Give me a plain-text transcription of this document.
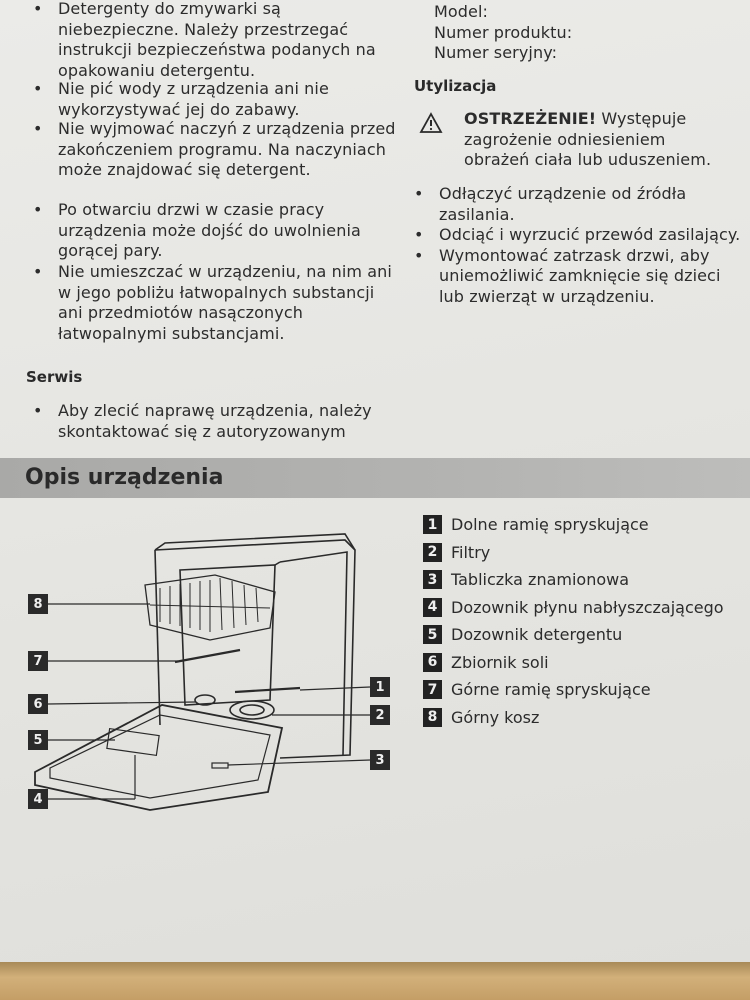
• Detergenty do zmywarki są niebezpieczne. Należy przestrzegać instrukcji bezpieczeństwa podanych na opakowaniu detergentu.
• Nie pić wody z urządzenia ani nie wykorzystywać jej do zabawy.
• Nie wyjmować naczyń z urządzenia przed zakończeniem programu. Na naczyniach może znajdować się detergent.
• Po otwarciu drzwi w czasie pracy urządzenia może dojść do uwolnienia gorącej pary.
• Nie umieszczać w urządzeniu, na nim ani w jego pobliżu łatwopalnych substancji ani przedmiotów nasączonych łatwopalnymi substancjami.
Serwis
• Aby zlecić naprawę urządzenia, należy skontaktować się z autoryzowanym
Model:
Numer produktu:
Numer seryjny:
Utylizacja
OSTRZEŻENIE! Występuje zagrożenie odniesieniem obrażeń ciała lub uduszeniem.
• Odłączyć urządzenie od źródła zasilania.
• Odciąć i wyrzucić przewód zasilający.
• Wymontować zatrzask drzwi, aby uniemożliwić zamknięcie się dzieci lub zwierząt w urządzeniu.
Opis urządzenia
8
7
6
5
4
1
2
3
1 Dolne ramię spryskujące
2 Filtry
3 Tabliczka znamionowa
4 Dozownik płynu nabłyszczającego
5 Dozownik detergentu
6 Zbiornik soli
7 Górne ramię spryskujące
8 Górny kosz
